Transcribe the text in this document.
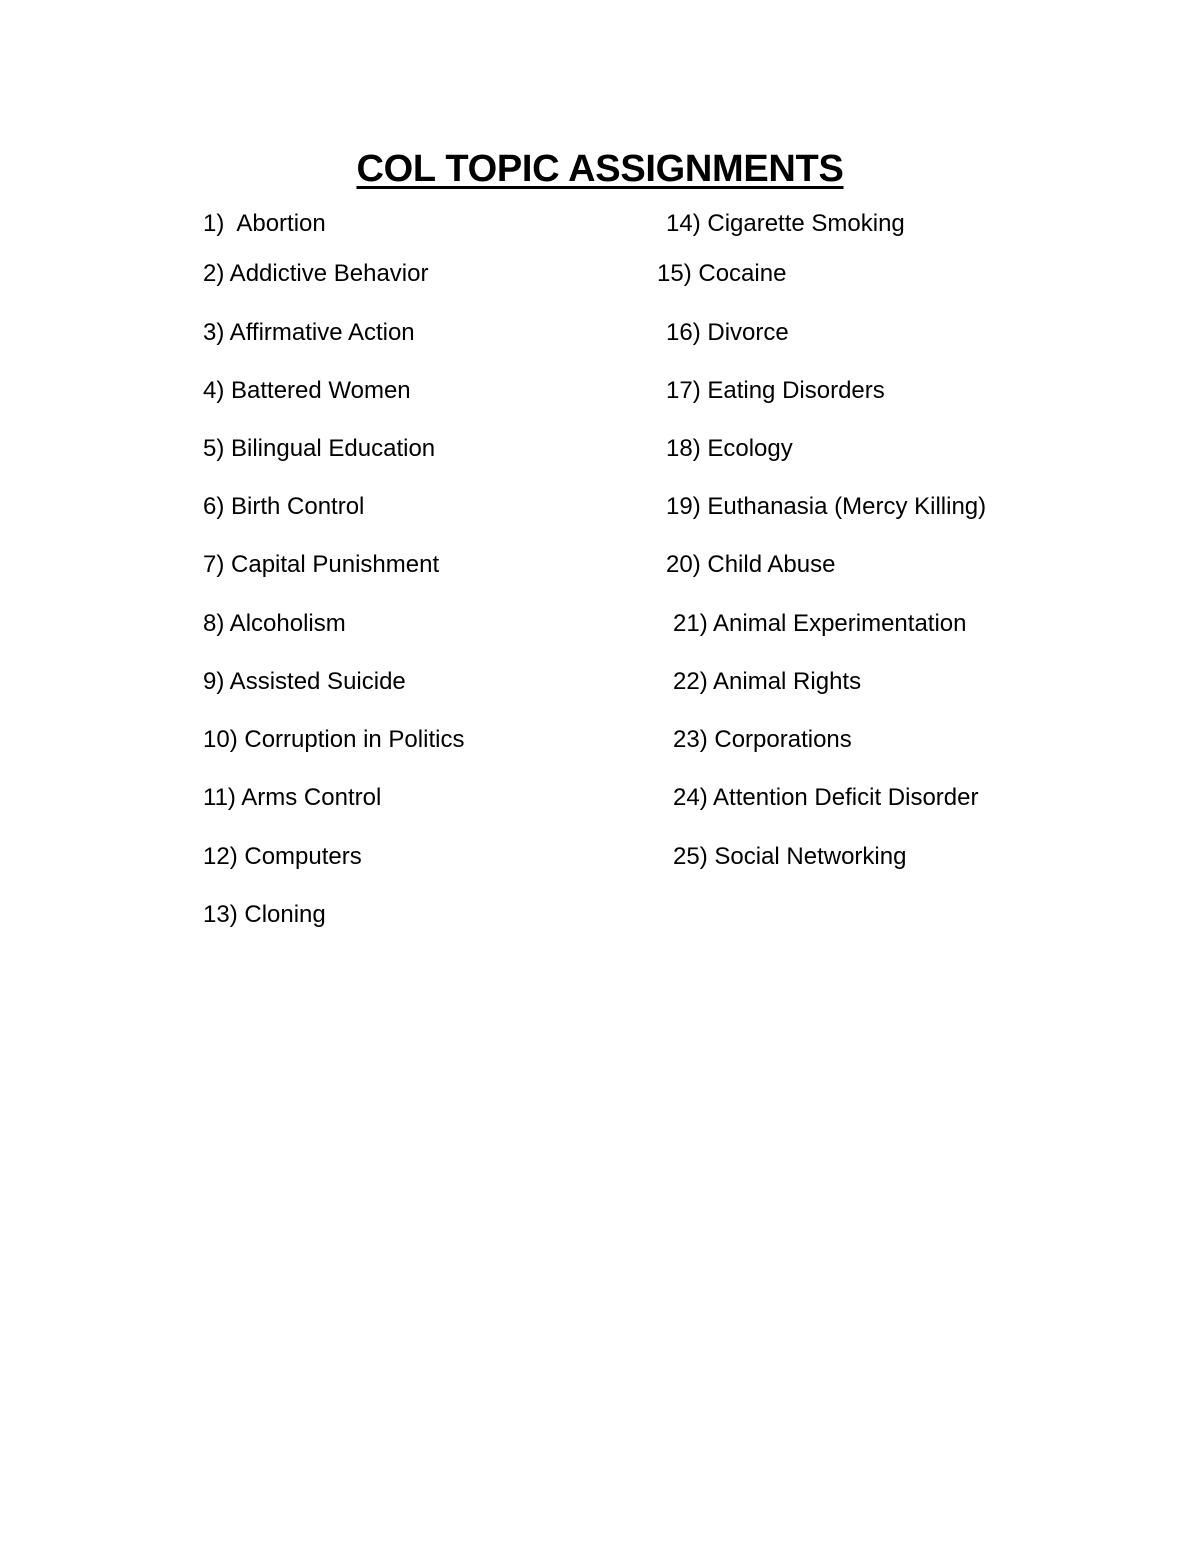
COL TOPIC ASSIGNMENTS
1)  Abortion
2) Addictive Behavior
3) Affirmative Action
4) Battered Women
5) Bilingual Education
6) Birth Control
7) Capital Punishment
8) Alcoholism
9) Assisted Suicide
10) Corruption in Politics
11) Arms Control
12) Computers
13) Cloning
14) Cigarette Smoking
15) Cocaine
16) Divorce
17) Eating Disorders
18) Ecology
19) Euthanasia (Mercy Killing)
20) Child Abuse
21) Animal Experimentation
22) Animal Rights
23) Corporations
24) Attention Deficit Disorder
25) Social Networking
